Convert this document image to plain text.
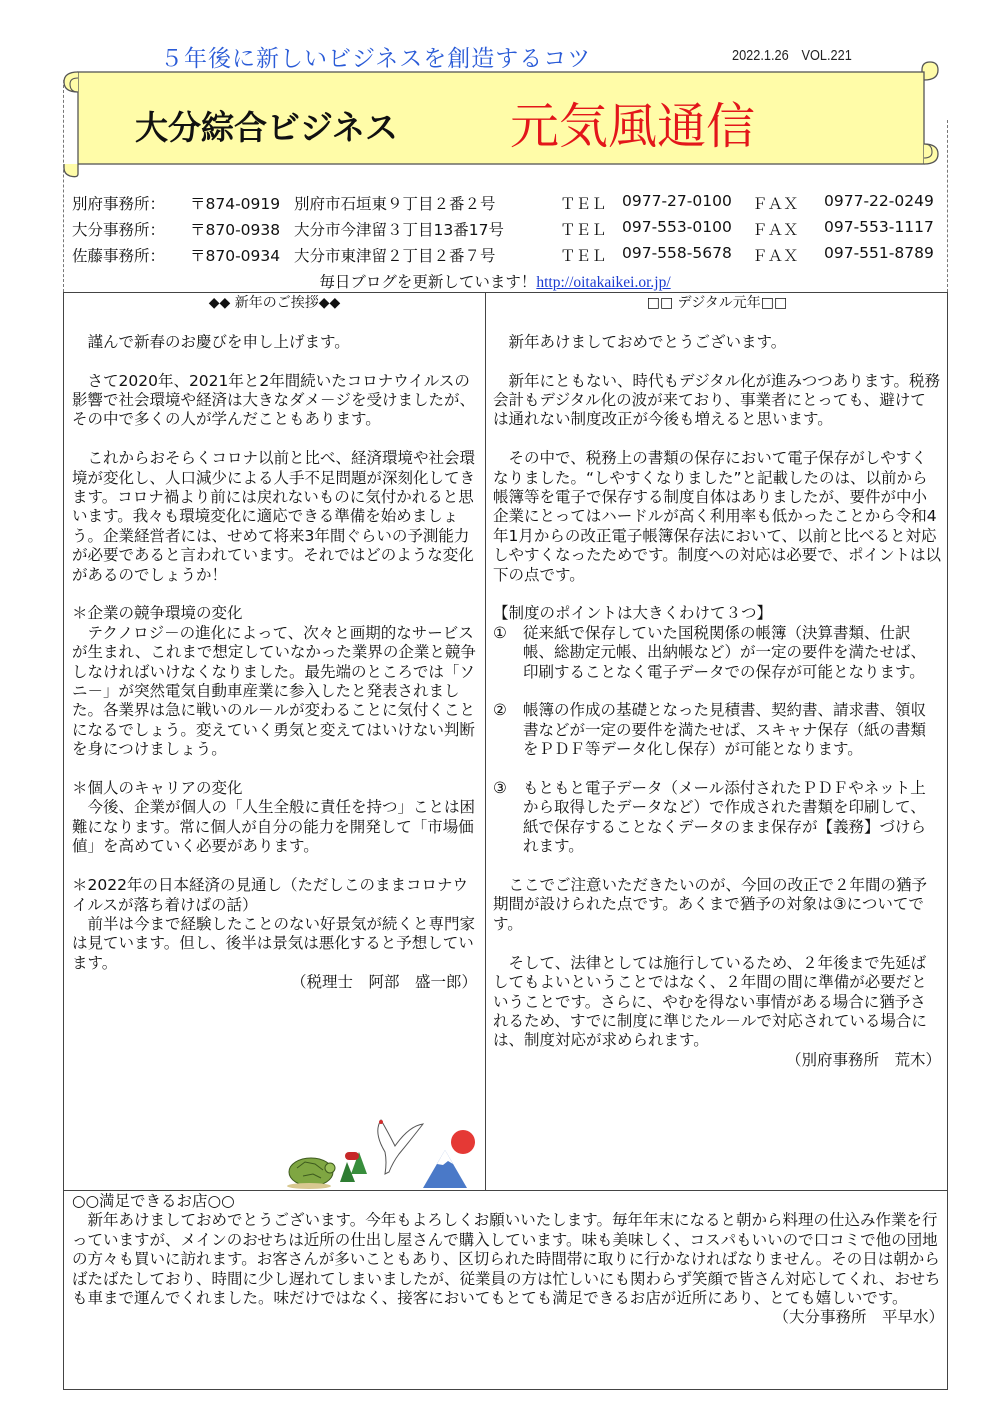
５年後に新しいビジネスを創造するコツ	2022.1.26　VOL.221
大分綜合ビジネス 元気風通信
別府事務所： 〒874-0919 別府市石垣東９丁目２番２号	ＴＥＬ 0977-27-0100 ＦＡＸ 0977-22-0249
大分事務所： 〒870-0938 大分市今津留３丁目13番17号	ＴＥＬ 097-553-0100 ＦＡＸ 097-553-1117
佐藤事務所： 〒870-0934 大分市東津留２丁目２番７号	ＴＥＬ 097-558-5678 ＦＡＸ 097-551-8789
毎日ブログを更新しています！http://oitakaikei.or.jp/

◆◆ 新年のご挨拶◆◆

　謹んで新春のお慶びを申し上げます。

　さて2020年、2021年と2年間続いたコロナウイルスの影響で社会環境や経済は大きなダメ－ジを受けましたが、その中で多くの人が学んだこともあります。

　これからおそらくコロナ以前と比べ、経済環境や社会環境が変化し、人口減少による人手不足問題が深刻化してきます。コロナ禍より前には戻れないものに気付かれると思います。我々も環境変化に適応できる準備を始めましょう。企業経営者には、せめて将来3年間ぐらいの予測能力が必要であると言われています。それではどのような変化があるのでしょうか！

＊企業の競争環境の変化

　テクノロジ－の進化によって、次々と画期的なサービスが生まれ、これまで想定していなかった業界の企業と競争しなければいけなくなりました。最先端のところでは「ソニ－」が突然電気自動車産業に参入したと発表されました。各業界は急に戦いのル－ルが変わることに気付くことになるでしょう。変えていく勇気と変えてはいけない判断を身につけましょう。

＊個人のキャリアの変化

　今後、企業が個人の「人生全般に責任を持つ」ことは困難になります。常に個人が自分の能力を開発して「市場価値」を高めていく必要があります。

＊2022年の日本経済の見通し（ただしこのままコロナウイルスが落ち着けばの話）

　前半は今まで経験したことのない好景気が続くと専門家は見ています。但し、後半は景気は悪化すると予想しています。

（税理士　阿部　盛一郎）

□□ デジタル元年□□

　新年あけましておめでとうございます。

　新年にともない、時代もデジタル化が進みつつあります。税務会計もデジタル化の波が来ており、事業者にとっても、避けては通れない制度改正が今後も増えると思います。

　その中で、税務上の書類の保存において電子保存がしやすくなりました。“しやすくなりました”と記載したのは、以前から帳簿等を電子で保存する制度自体はありましたが、要件が中小企業にとってはハードルが高く利用率も低かったことから令和4年1月からの改正電子帳簿保存法において、以前と比べると対応しやすくなったためです。制度への対応は必要で、ポイントは以下の点です。

【制度のポイントは大きくわけて３つ】

①	従来紙で保存していた国税関係の帳簿（決算書類、仕訳帳、総勘定元帳、出納帳など）が一定の要件を満たせば、印刷することなく電子データでの保存が可能となります。
②	帳簿の作成の基礎となった見積書、契約書、請求書、領収書などが一定の要件を満たせば、スキャナ保存（紙の書類をＰＤＦ等データ化し保存）が可能となります。
③	もともと電子データ（メール添付されたＰＤＦやネット上から取得したデータなど）で作成された書類を印刷して、紙で保存することなくデータのまま保存が【義務】づけられます。

　ここでご注意いただきたいのが、今回の改正で２年間の猶予期間が設けられた点です。あくまで猶予の対象は③についてです。

　そして、法律としては施行しているため、２年後まで先延ばしてもよいということではなく、２年間の間に準備が必要だということです。さらに、やむを得ない事情がある場合に猶予されるため、すでに制度に準じたル－ルで対応されている場合には、制度対応が求められます。

（別府事務所　荒木）

○○満足できるお店○○

　新年あけましておめでとうございます。今年もよろしくお願いいたします。毎年年末になると朝から料理の仕込み作業を行っていますが、メインのおせちは近所の仕出し屋さんで購入しています。味も美味しく、コスパもいいので口コミで他の団地の方々も買いに訪れます。お客さんが多いこともあり、区切られた時間帯に取りに行かなければなりません。その日は朝からばたばたしており、時間に少し遅れてしまいましたが、従業員の方は忙しいにも関わらず笑顔で皆さん対応してくれ、おせちも車まで運んでくれました。味だけではなく、接客においてもとても満足できるお店が近所にあり、とても嬉しいです。

（大分事務所　平早水）
